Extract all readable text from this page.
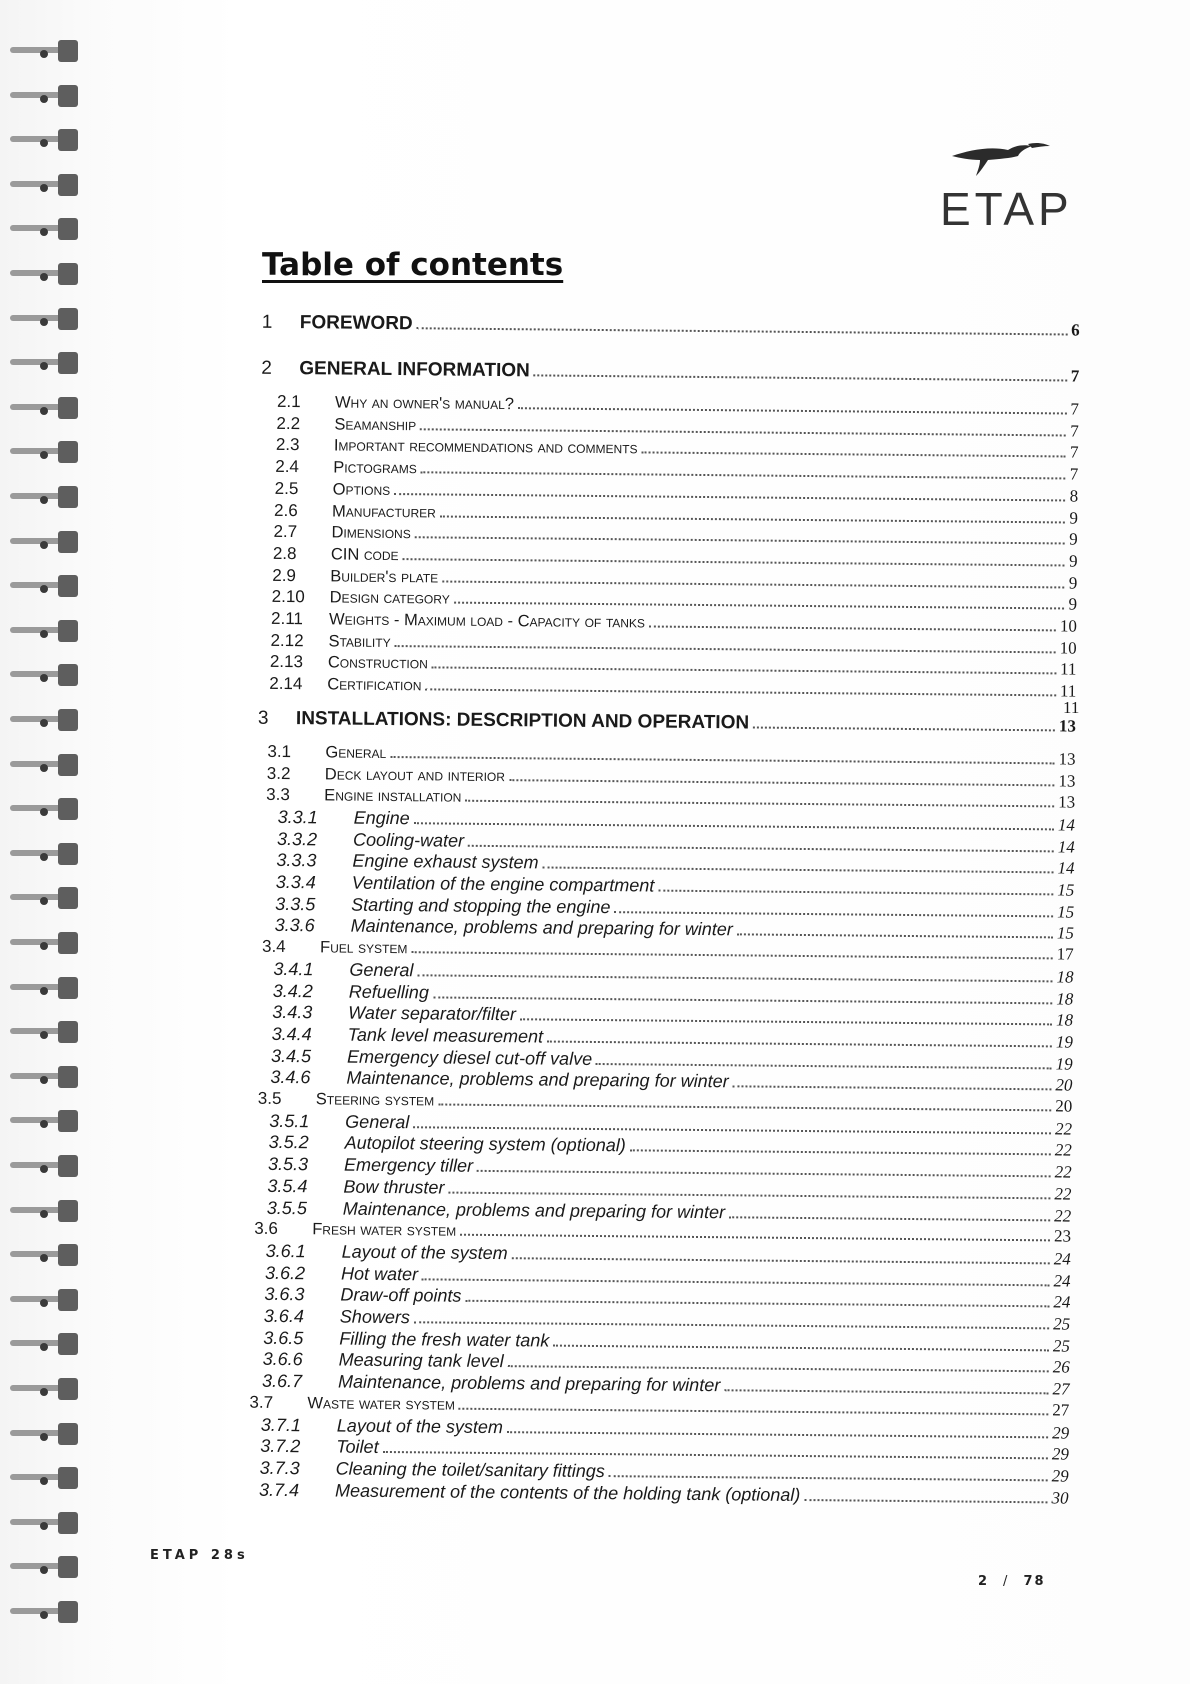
ETAP
Table of contents
1	FOREWORD	6
2	GENERAL INFORMATION	7
2.1	Why an owner's manual?	7
2.2	Seamanship	7
2.3	Important recommendations and comments	7
2.4	Pictograms	7
2.5	Options	8
2.6	Manufacturer	9
2.7	Dimensions	9
2.8	CIN code	9
2.9	Builder's plate	9
2.10	Design category	9
2.11	Weights - Maximum load - Capacity of tanks	10
2.12	Stability	10
2.13	Construction	11
2.14	Certification	11
3	INSTALLATIONS: DESCRIPTION AND OPERATION	13
3.1	General	13
3.2	Deck layout and interior	13
3.3	Engine installation	13
3.3.1	Engine	14
3.3.2	Cooling-water	14
3.3.3	Engine exhaust system	14
3.3.4	Ventilation of the engine compartment	15
3.3.5	Starting and stopping the engine	15
3.3.6	Maintenance, problems and preparing for winter	15
3.4	Fuel system	17
3.4.1	General	18
3.4.2	Refuelling	18
3.4.3	Water separator/filter	18
3.4.4	Tank level measurement	19
3.4.5	Emergency diesel cut-off valve	19
3.4.6	Maintenance, problems and preparing for winter	20
3.5	Steering system	20
3.5.1	General	22
3.5.2	Autopilot steering system (optional)	22
3.5.3	Emergency tiller	22
3.5.4	Bow thruster	22
3.5.5	Maintenance, problems and preparing for winter	22
3.6	Fresh water system	23
3.6.1	Layout of the system	24
3.6.2	Hot water	24
3.6.3	Draw-off points	24
3.6.4	Showers	25
3.6.5	Filling the fresh water tank	25
3.6.6	Measuring tank level	26
3.6.7	Maintenance, problems and preparing for winter	27
3.7	Waste water system	27
3.7.1	Layout of the system	29
3.7.2	Toilet	29
3.7.3	Cleaning the toilet/sanitary fittings	29
3.7.4	Measurement of the contents of the holding tank (optional)	30
11
ETAP 28s
2 / 78
